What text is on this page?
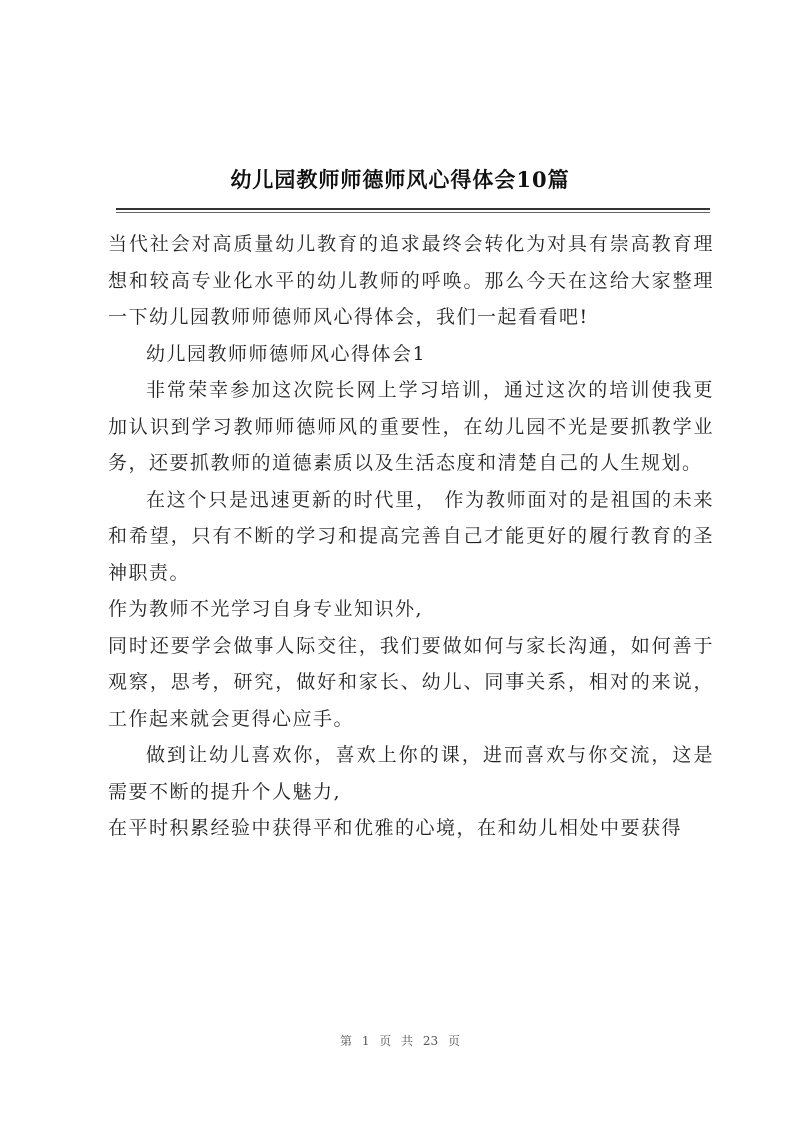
幼儿园教师师德师风心得体会10篇

当代社会对高质量幼儿教育的追求最终会转化为对具有崇高教育理想和较高专业化水平的幼儿教师的呼唤。那么今天在这给大家整理一下幼儿园教师师德师风心得体会，我们一起看看吧!

幼儿园教师师德师风心得体会1

非常荣幸参加这次院长网上学习培训，通过这次的培训使我更加认识到学习教师师德师风的重要性，在幼儿园不光是要抓教学业务，还要抓教师的道德素质以及生活态度和清楚自己的人生规划。

在这个只是迅速更新的时代里， 作为教师面对的是祖国的未来和希望，只有不断的学习和提高完善自己才能更好的履行教育的圣神职责。

作为教师不光学习自身专业知识外,

同时还要学会做事人际交往，我们要做如何与家长沟通，如何善于观察，思考，研究，做好和家长、幼儿、同事关系，相对的来说，工作起来就会更得心应手。

做到让幼儿喜欢你，喜欢上你的课，进而喜欢与你交流，这是需要不断的提升个人魅力,

在平时积累经验中获得平和优雅的心境，在和幼儿相处中要获得

第 1 页 共 23 页
